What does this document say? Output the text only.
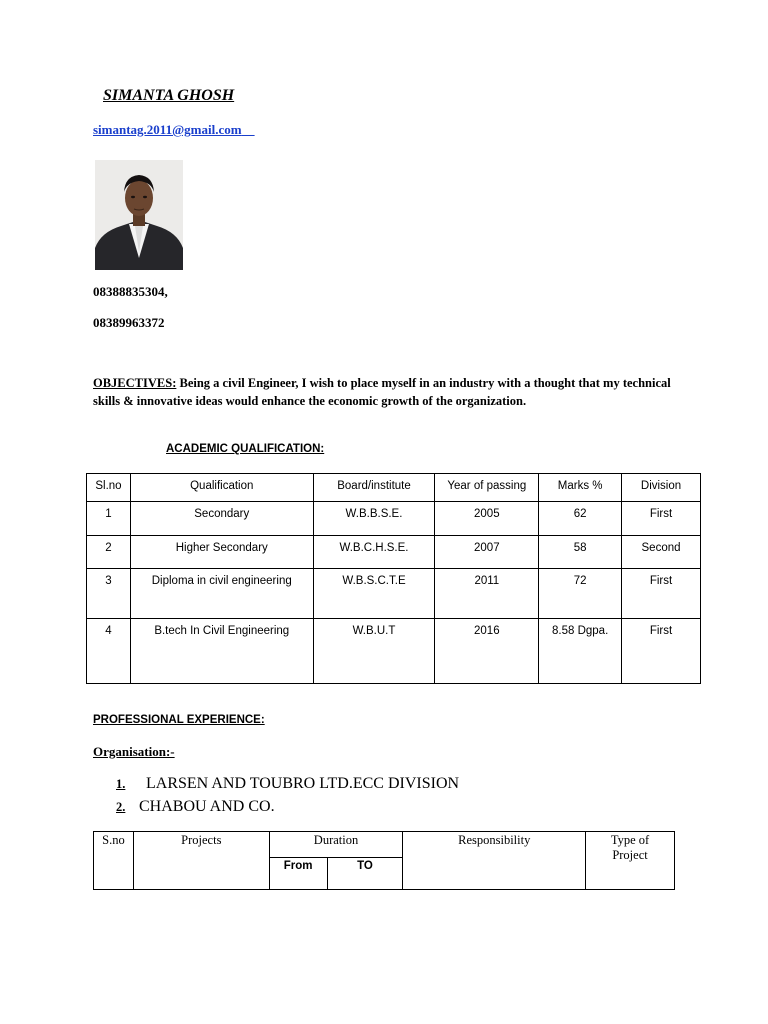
SIMANTA GHOSH
simantag.2011@gmail.com
08388835304,
08389963372
OBJECTIVES: Being a civil Engineer, I wish to place myself in an industry with a thought that my technical skills & innovative ideas would enhance the economic growth of the organization.
ACADEMIC QUALIFICATION:
Sl.no	Qualification	Board/institute	Year of passing	Marks %	Division
1	Secondary	W.B.B.S.E.	2005	62	First
2	Higher Secondary	W.B.C.H.S.E.	2007	58	Second
3	Diploma in civil engineering	W.B.S.C.T.E	2011	72	First
4	B.tech In Civil Engineering	W.B.U.T	2016	8.58 Dgpa.	First
PROFESSIONAL EXPERIENCE:
Organisation:-
1. LARSEN AND TOUBRO LTD.ECC DIVISION
2. CHABOU AND CO.
S.no	Projects	Duration		Responsibility	Type of Project
		From	TO		
